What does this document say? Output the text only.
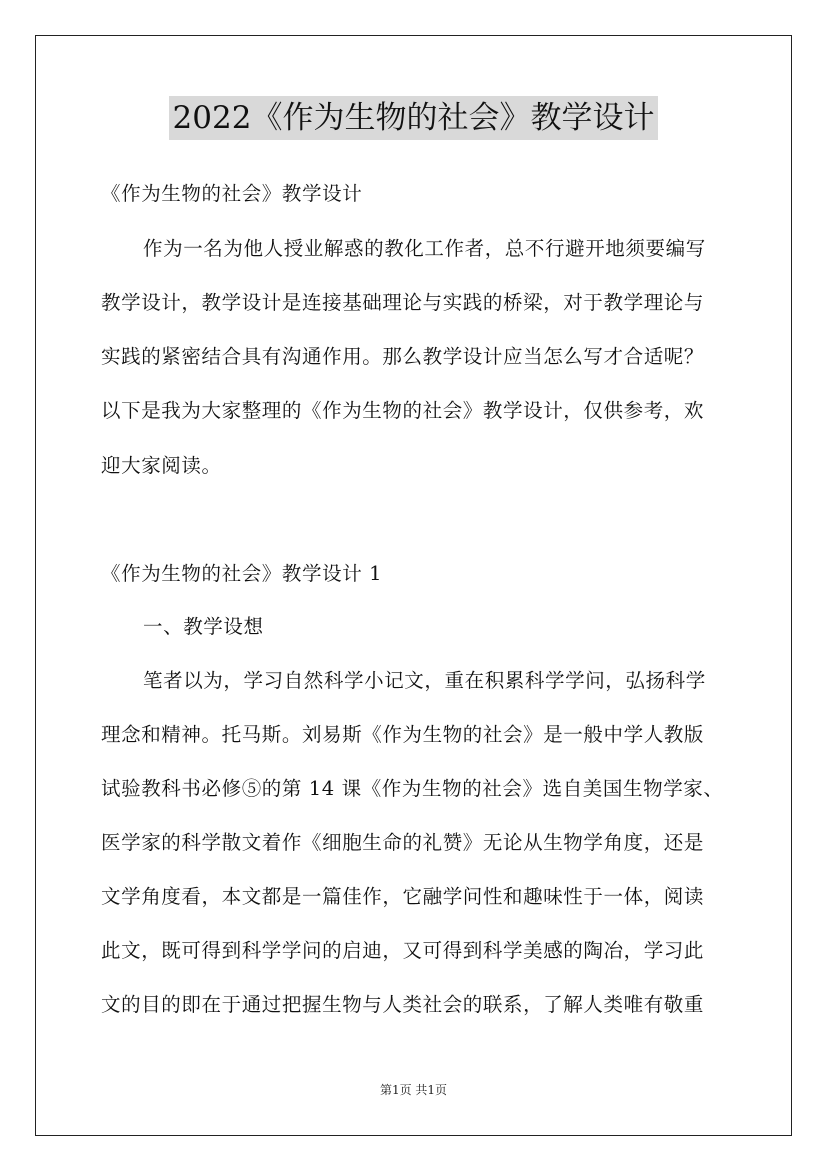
2022《作为生物的社会》教学设计
《作为生物的社会》教学设计
作为一名为他人授业解惑的教化工作者，总不行避开地须要编写
教学设计，教学设计是连接基础理论与实践的桥梁，对于教学理论与
实践的紧密结合具有沟通作用。那么教学设计应当怎么写才合适呢？
以下是我为大家整理的《作为生物的社会》教学设计，仅供参考，欢
迎大家阅读。
《作为生物的社会》教学设计 1
一、教学设想
笔者以为，学习自然科学小记文，重在积累科学学问，弘扬科学
理念和精神。托马斯。刘易斯《作为生物的社会》是一般中学人教版
试验教科书必修⑤的第 14 课《作为生物的社会》选自美国生物学家、
医学家的科学散文着作《细胞生命的礼赞》无论从生物学角度，还是
文学角度看，本文都是一篇佳作，它融学问性和趣味性于一体，阅读
此文，既可得到科学学问的启迪，又可得到科学美感的陶冶，学习此
文的目的即在于通过把握生物与人类社会的联系，了解人类唯有敬重
第1页 共1页
